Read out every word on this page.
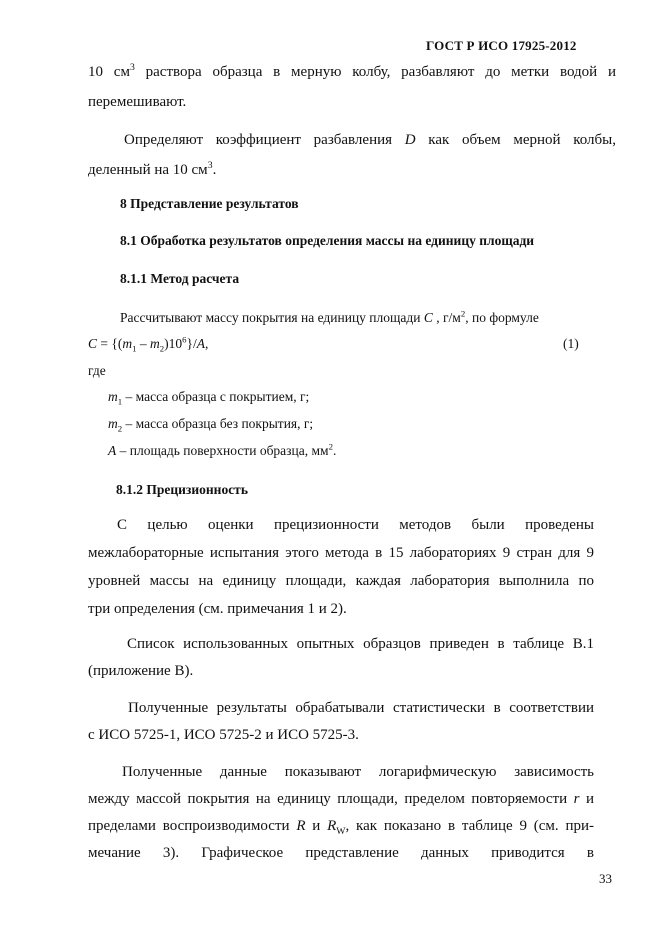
ГОСТ Р ИСО 17925-2012
10 $см^3$ раствора образца в мерную колбу, разбавляют до метки водой и
перемешивают.
Определяют коэффициент разбавления D как объем мерной колбы,
деленный на 10 $см^3$.
8 Представление результатов
8.1 Обработка результатов определения массы на единицу площади
8.1.1 Метод расчета
Рассчитывают массу покрытия на единицу площади C , $г/м^2$, по формуле
$C = \{(m_1 - m_2)10^6\}/A$,	(1)
где
$m_1$ – масса образца с покрытием, г;
$m_2$ – масса образца без покрытия, г;
A – площадь поверхности образца, $мм^2$.
8.1.2 Прецизионность
С целью оценки прецизионности методов были проведены
межлабораторные испытания этого метода в 15 лабораториях 9 стран для 9
уровней массы на единицу площади, каждая лаборатория выполнила по
три определения (см. примечания 1 и 2).
Список использованных опытных образцов приведен в таблице В.1
(приложение В).
Полученные результаты обрабатывали статистически в соответствии
с ИСО 5725-1, ИСО 5725-2 и ИСО 5725-3.
Полученные данные показывают логарифмическую зависимость
между массой покрытия на единицу площади, пределом повторяемости r и
пределами воспроизводимости R и $R_W$, как показано в таблице 9 (см. при-
мечание 3). Графическое представление данных приводится в
33
